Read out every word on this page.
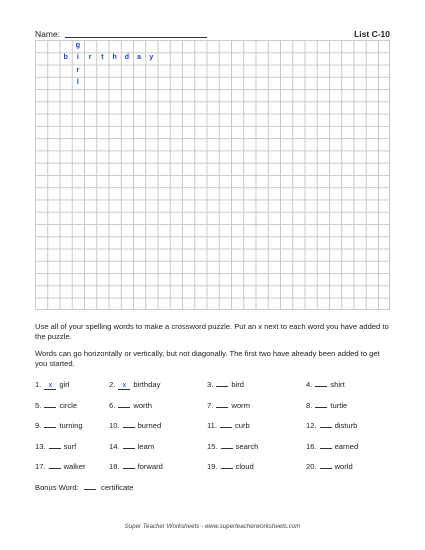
Name:	List C-10
g
b	i	r	t	h	d	a	y
r
l

Use all of your spelling words to make a crossword puzzle. Put an x next to each word you have added to the puzzle.

Words can go horizontally or vertically, but not diagonally. The first two have already been added to get you started.

1. x girl	2. x birthday	3. bird	4. shirt
5. circle	6. worth	7. worm	8. turtle
9. turning	10. burned	11. curb	12. disturb
13. surf	14. learn	15. search	16. earned
17. walker	18. forward	19. cloud	20. world
Bonus Word:	certificate
Super Teacher Worksheets - www.superteacherworksheets.com
